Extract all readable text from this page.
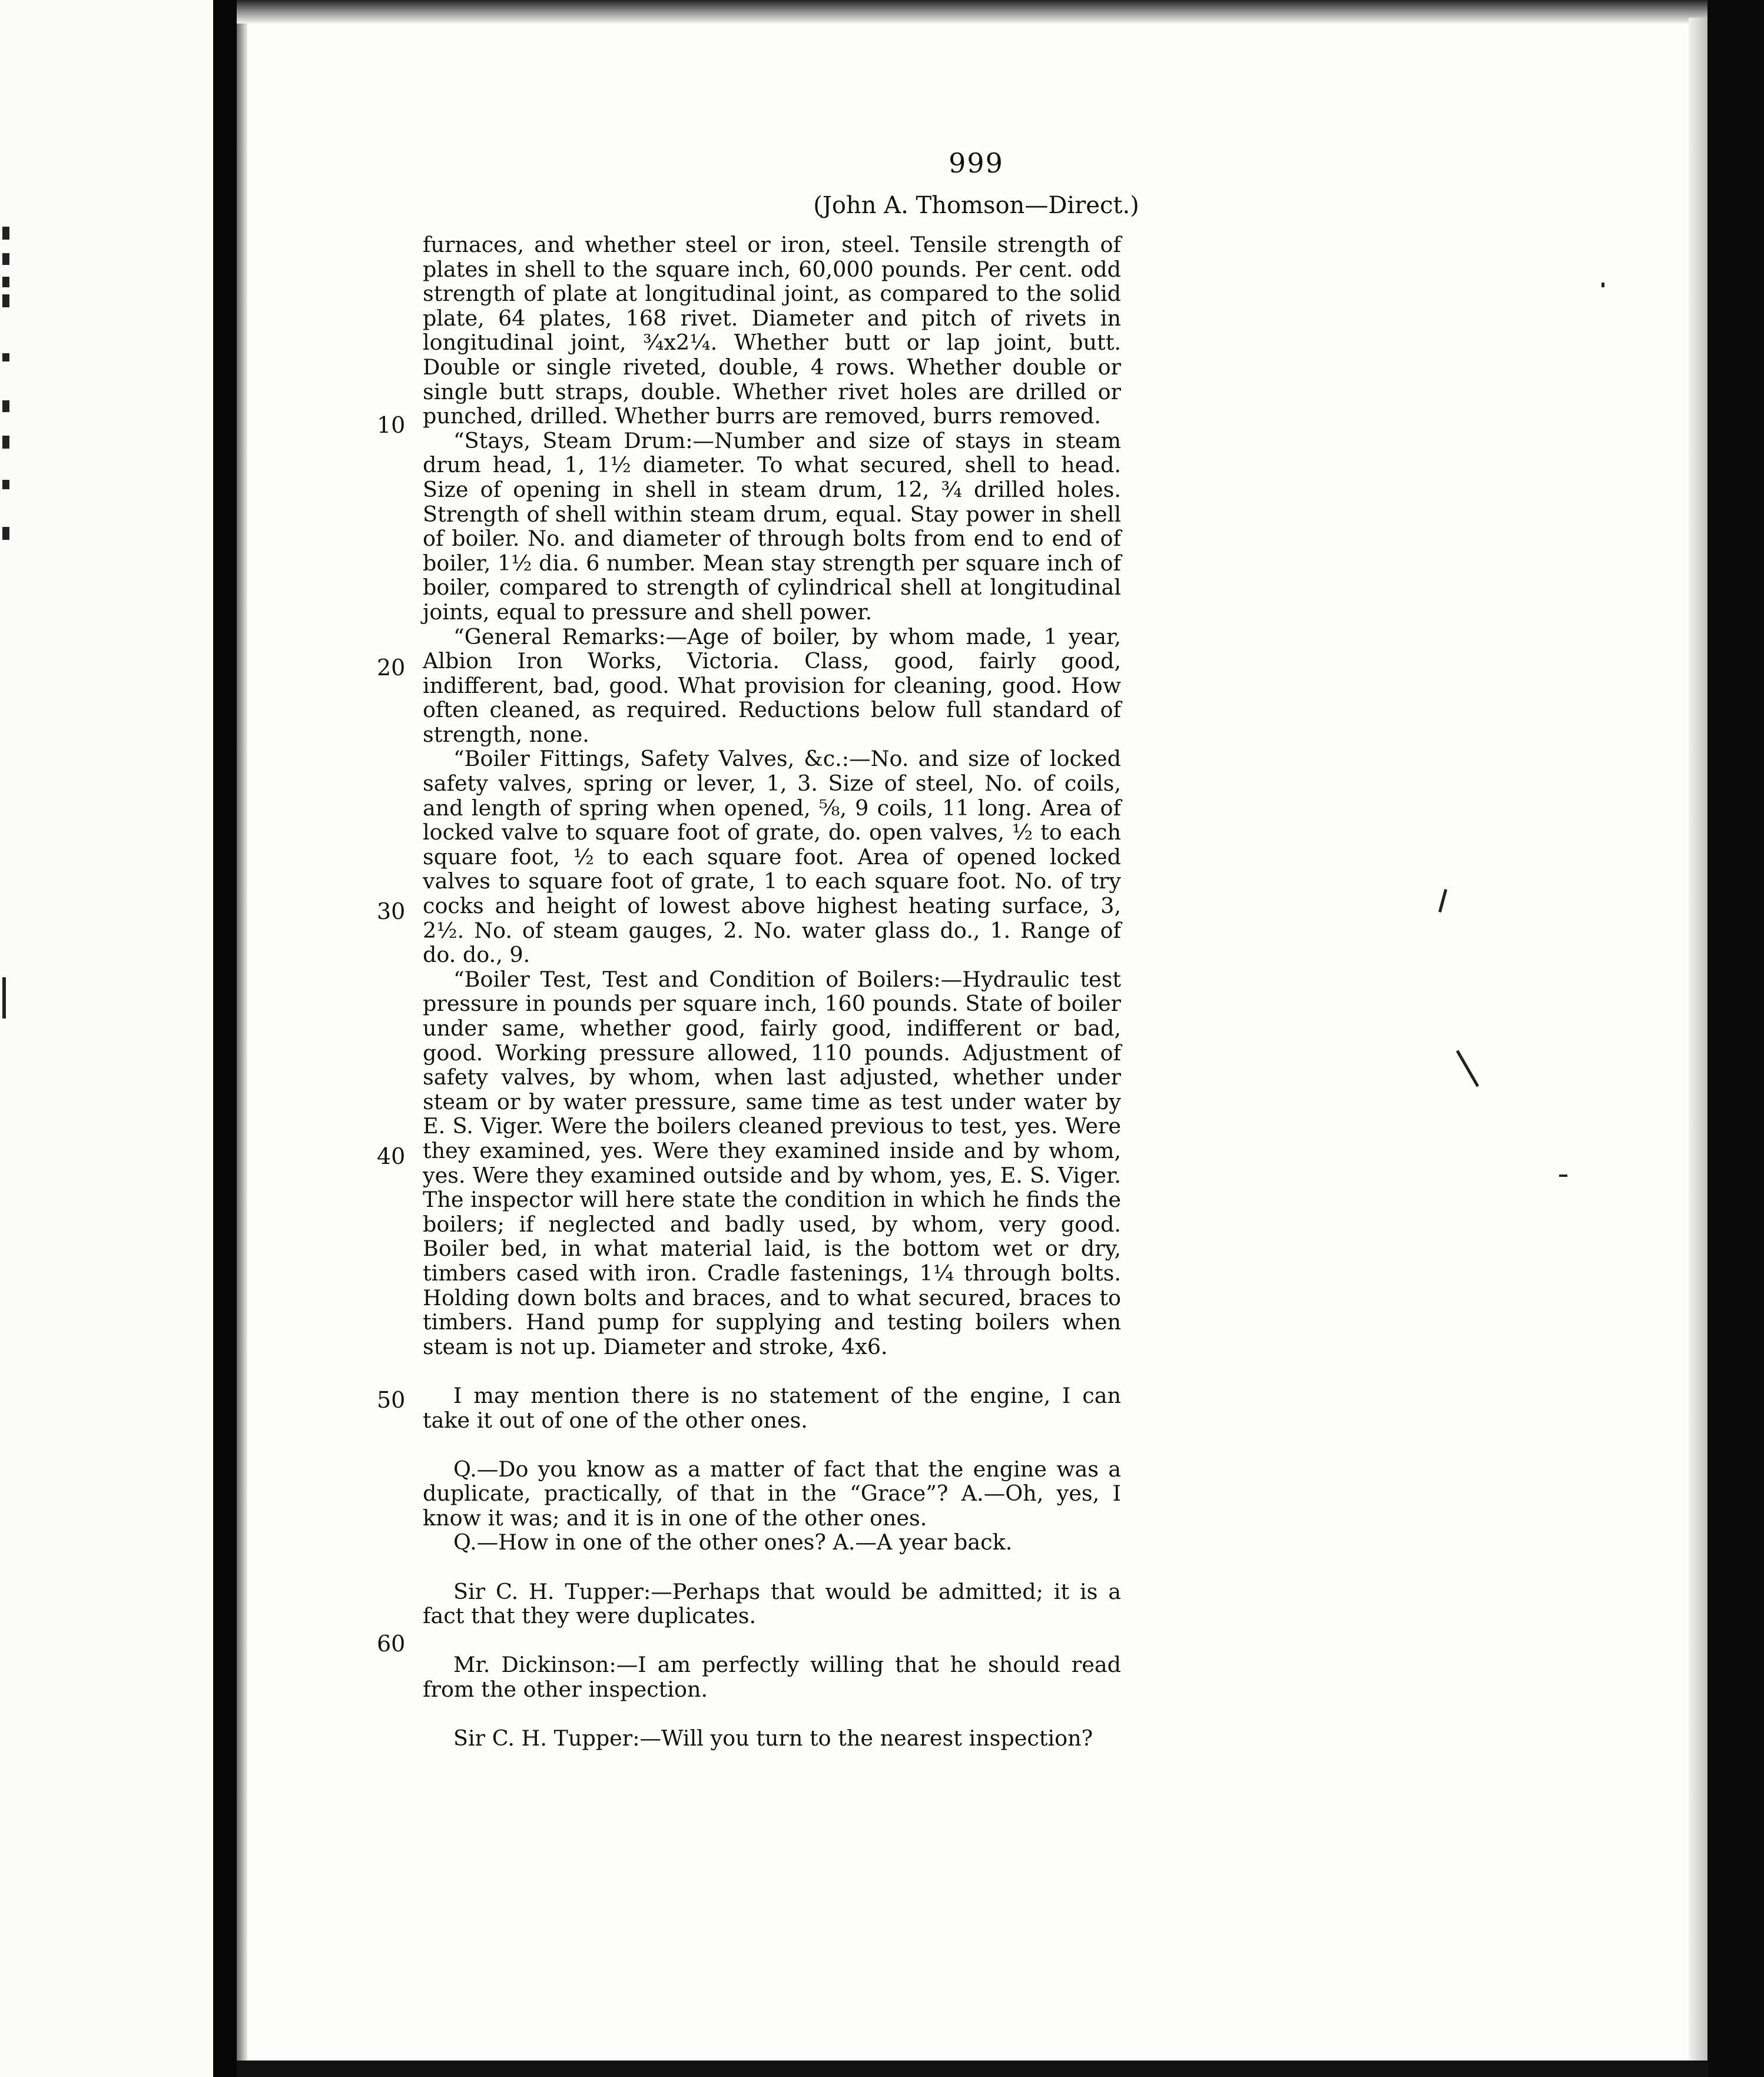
999
(John A. Thomson—Direct.)
10
20
30
40
50
60

furnaces, and whether steel or iron, steel. Tensile strength of plates in shell to the square inch, 60,000 pounds. Per cent. odd strength of plate at longitudinal joint, as compared to the solid plate, 64 plates, 168 rivet. Diameter and pitch of rivets in longitudinal joint, ¾x2¼. Whether butt or lap joint, butt. Double or single riveted, double, 4 rows. Whether double or single butt straps, double. Whether rivet holes are drilled or punched, drilled. Whether burrs are removed, burrs removed.

“Stays, Steam Drum:—Number and size of stays in steam drum head, 1, 1½ diameter. To what secured, shell to head. Size of opening in shell in steam drum, 12, ¾ drilled holes. Strength of shell within steam drum, equal. Stay power in shell of boiler. No. and diameter of through bolts from end to end of boiler, 1½ dia. 6 number. Mean stay strength per square inch of boiler, compared to strength of cylindrical shell at longitudinal joints, equal to pressure and shell power.

“General Remarks:—Age of boiler, by whom made, 1 year, Albion Iron Works, Victoria. Class, good, fairly good, indifferent, bad, good. What provision for cleaning, good. How often cleaned, as required. Reductions below full standard of strength, none.

“Boiler Fittings, Safety Valves, &c.:—No. and size of locked safety valves, spring or lever, 1, 3. Size of steel, No. of coils, and length of spring when opened, ⅝, 9 coils, 11 long. Area of locked valve to square foot of grate, do. open valves, ½ to each square foot, ½ to each square foot. Area of opened locked valves to square foot of grate, 1 to each square foot. No. of try cocks and height of lowest above highest heating surface, 3, 2½. No. of steam gauges, 2. No. water glass do., 1. Range of do. do., 9.

“Boiler Test, Test and Condition of Boilers:—Hydraulic test pressure in pounds per square inch, 160 pounds. State of boiler under same, whether good, fairly good, indifferent or bad, good. Working pressure allowed, 110 pounds. Adjustment of safety valves, by whom, when last adjusted, whether under steam or by water pressure, same time as test under water by E. S. Viger. Were the boilers cleaned previous to test, yes. Were they examined, yes. Were they examined inside and by whom, yes. Were they examined outside and by whom, yes, E. S. Viger. The inspector will here state the condition in which he finds the boilers; if neglected and badly used, by whom, very good. Boiler bed, in what material laid, is the bottom wet or dry, timbers cased with iron. Cradle fastenings, 1¼ through bolts. Holding down bolts and braces, and to what secured, braces to timbers. Hand pump for supplying and testing boilers when steam is not up. Diameter and stroke, 4x6.

I may mention there is no statement of the engine, I can take it out of one of the other ones.

Q.—Do you know as a matter of fact that the engine was a duplicate, practically, of that in the “Grace”? A.—Oh, yes, I know it was; and it is in one of the other ones.

Q.—How in one of the other ones? A.—A year back.

Sir C. H. Tupper:—Perhaps that would be admitted; it is a fact that they were duplicates.

Mr. Dickinson:—I am perfectly willing that he should read from the other inspection.

Sir C. H. Tupper:—Will you turn to the nearest inspection?
